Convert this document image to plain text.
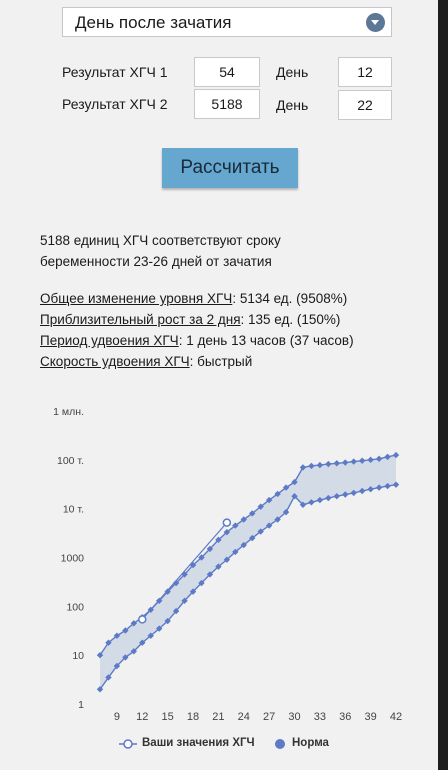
День после зачатия
Результат ХГЧ 1	54	День	12
Результат ХГЧ 2	5188	День	22
Рассчитать
5188 единиц ХГЧ соответствуют сроку
беременности 23-26 дней от зачатия
Общее изменение уровня ХГЧ: 5134 ед. (9508%)
Приблизительный рост за 2 дня: 135 ед. (150%)
Период удвоения ХГЧ: 1 день 13 часов (37 часов)
Скорость удвоения ХГЧ: быстрый
1
10
100
1000
10 т.
100 т.
1 млн.
9 12 15 18 21 24 27 30 33 36 39 42
Ваши значения ХГЧ	Норма
